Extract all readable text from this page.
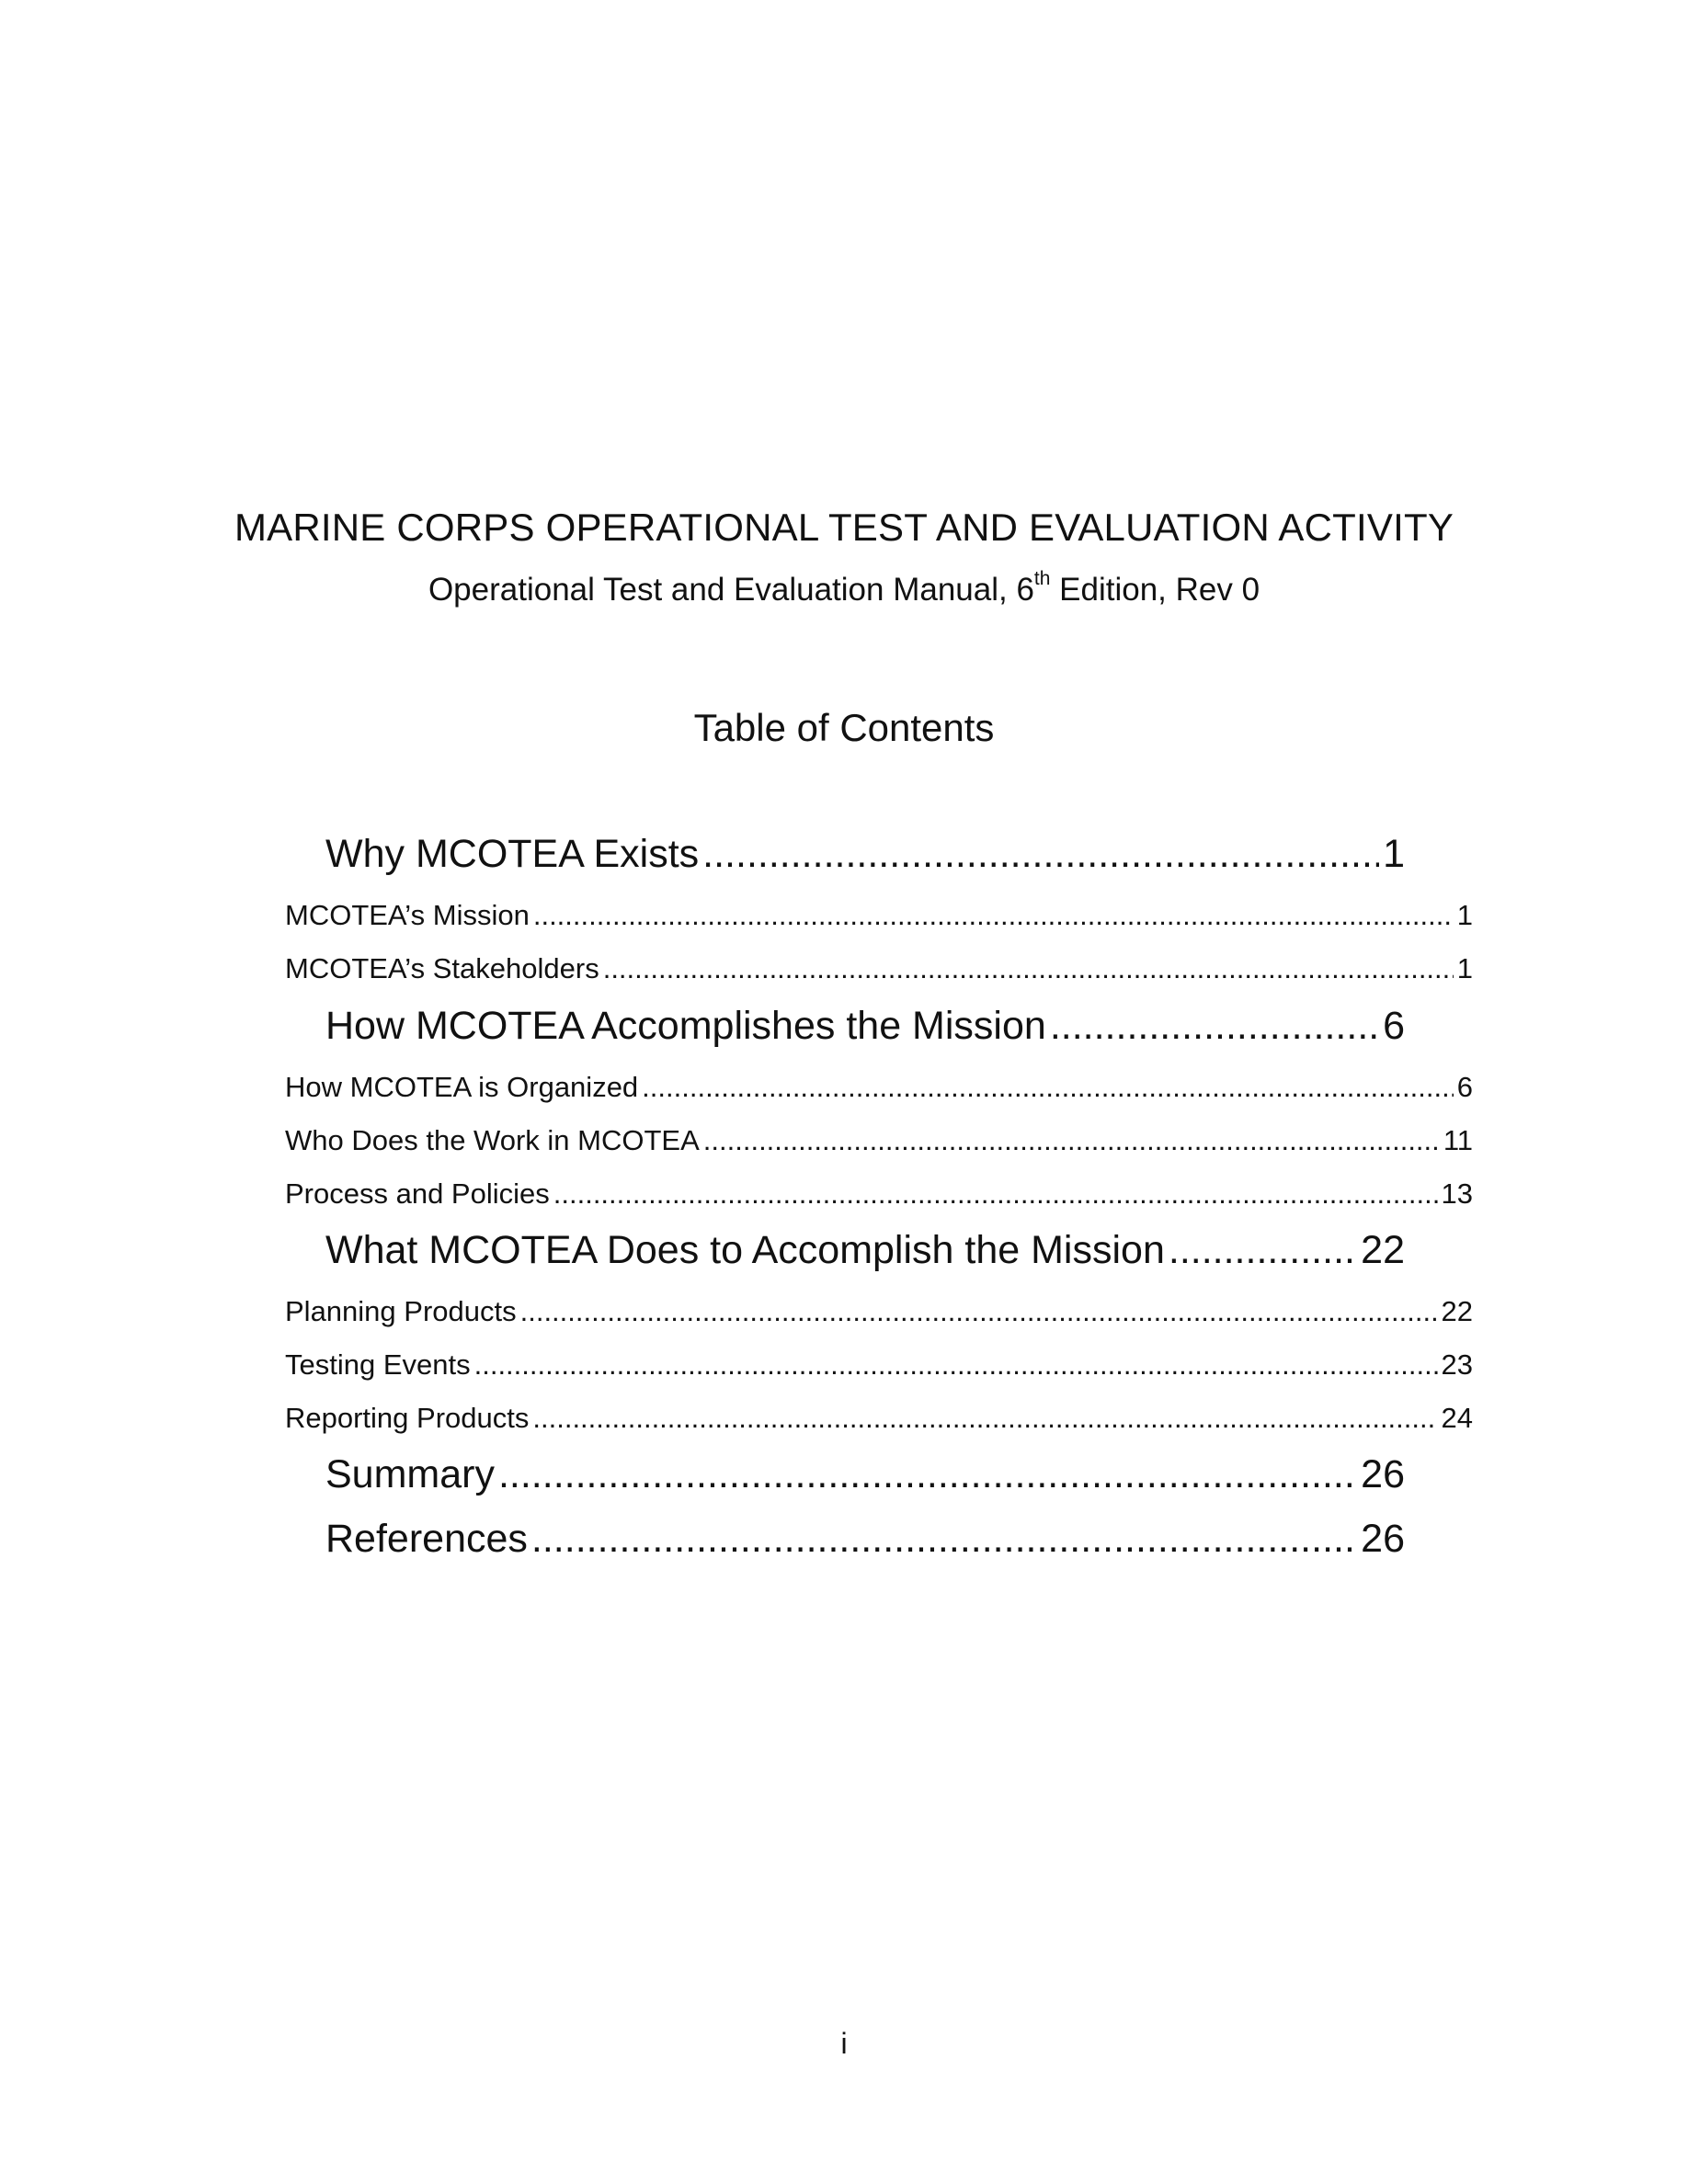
MARINE CORPS OPERATIONAL TEST AND EVALUATION ACTIVITY
Operational Test and Evaluation Manual, 6th Edition, Rev 0
Table of Contents
Why MCOTEA Exists .....	1
MCOTEA’s Mission .....	1
MCOTEA’s Stakeholders .....	1
How MCOTEA Accomplishes the Mission .....	6
How MCOTEA is Organized .....	6
Who Does the Work in MCOTEA .....	11
Process and Policies .....	13
What MCOTEA Does to Accomplish the Mission .....	22
Planning Products .....	22
Testing Events .....	23
Reporting Products .....	24
Summary .....	26
References .....	26
i
